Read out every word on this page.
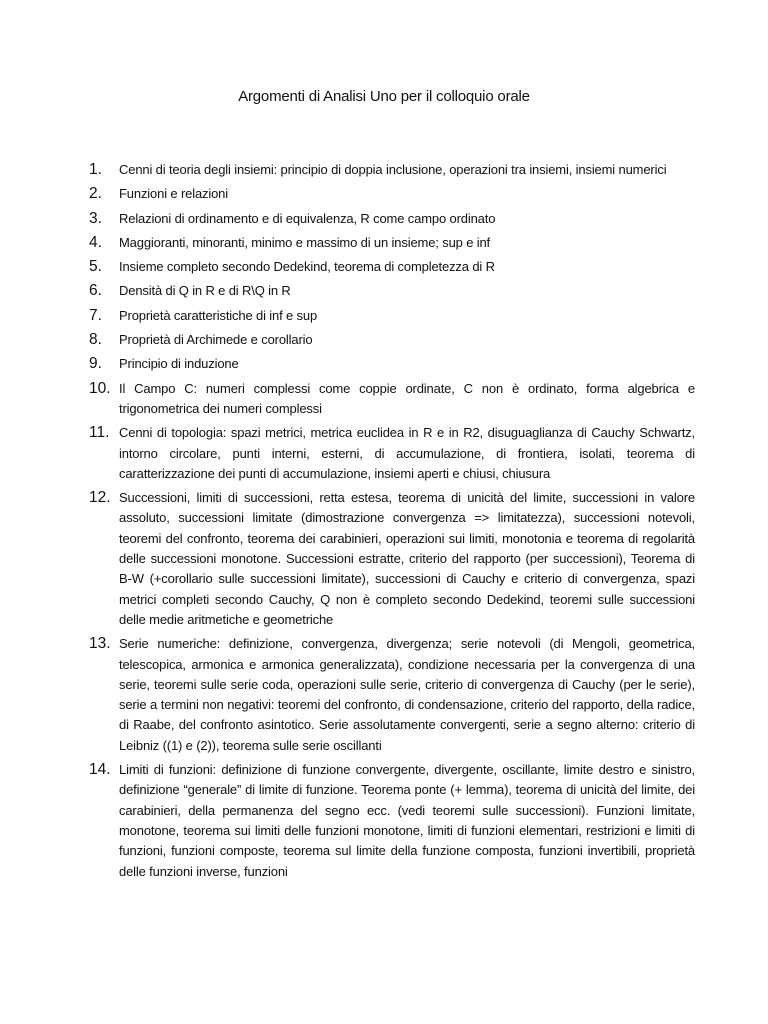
Argomenti di Analisi Uno per il colloquio orale
1. Cenni di teoria degli insiemi: principio di doppia inclusione, operazioni tra insiemi, insiemi numerici
2. Funzioni e relazioni
3. Relazioni di ordinamento e di equivalenza, R come campo ordinato
4. Maggioranti, minoranti, minimo e massimo di un insieme; sup e inf
5. Insieme completo secondo Dedekind, teorema di completezza di R
6. Densità di Q in R e di R\Q in R
7. Proprietà caratteristiche di inf e sup
8. Proprietà di Archimede e corollario
9. Principio di induzione
10. Il Campo C: numeri complessi come coppie ordinate, C non è ordinato, forma algebrica e trigonometrica dei numeri complessi
11. Cenni di topologia: spazi metrici, metrica euclidea in R e in R2, disuguaglianza di Cauchy Schwartz, intorno circolare, punti interni, esterni, di accumulazione, di frontiera, isolati, teorema di caratterizzazione dei punti di accumulazione, insiemi aperti e chiusi, chiusura
12. Successioni, limiti di successioni, retta estesa, teorema di unicità del limite, successioni in valore assoluto, successioni limitate (dimostrazione convergenza => limitatezza), successioni notevoli, teoremi del confronto, teorema dei carabinieri, operazioni sui limiti, monotonia e teorema di regolarità delle successioni monotone. Successioni estratte, criterio del rapporto (per successioni), Teorema di B-W (+corollario sulle successioni limitate), successioni di Cauchy e criterio di convergenza, spazi metrici completi secondo Cauchy, Q non è completo secondo Dedekind, teoremi sulle successioni delle medie aritmetiche e geometriche
13. Serie numeriche: definizione, convergenza, divergenza; serie notevoli (di Mengoli, geometrica, telescopica, armonica e armonica generalizzata), condizione necessaria per la convergenza di una serie, teoremi sulle serie coda, operazioni sulle serie, criterio di convergenza di Cauchy (per le serie), serie a termini non negativi: teoremi del confronto, di condensazione, criterio del rapporto, della radice, di Raabe, del confronto asintotico. Serie assolutamente convergenti, serie a segno alterno: criterio di Leibniz ((1) e (2)), teorema sulle serie oscillanti
14. Limiti di funzioni: definizione di funzione convergente, divergente, oscillante, limite destro e sinistro, definizione “generale” di limite di funzione. Teorema ponte (+ lemma), teorema di unicità del limite, dei carabinieri, della permanenza del segno ecc. (vedi teoremi sulle successioni). Funzioni limitate, monotone, teorema sui limiti delle funzioni monotone, limiti di funzioni elementari, restrizioni e limiti di funzioni, funzioni composte, teorema sul limite della funzione composta, funzioni invertibili, proprietà delle funzioni inverse, funzioni
